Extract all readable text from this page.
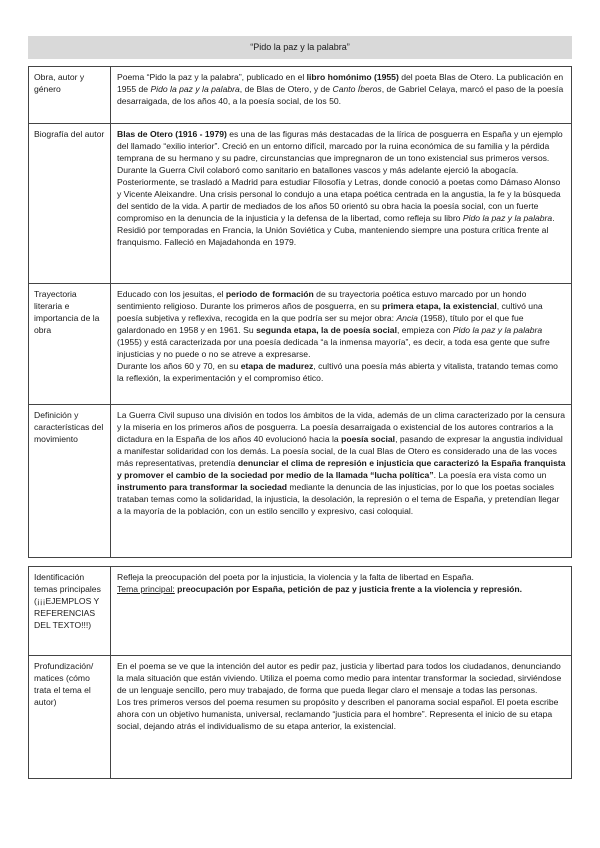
“Pido la paz y la palabra”
Obra, autor y género	Poema “Pido la paz y la palabra”, publicado en el libro homónimo (1955) del poeta Blas de Otero. La publicación en 1955 de Pido la paz y la palabra, de Blas de Otero, y de Canto Íberos, de Gabriel Celaya, marcó el paso de la poesía desarraigada, de los años 40, a la poesía social, de los 50.

Biografía del autor	Blas de Otero (1916 - 1979) es una de las figuras más destacadas de la lírica de posguerra en España y un ejemplo del llamado “exilio interior”. Creció en un entorno difícil, marcado por la ruina económica de su familia y la pérdida temprana de su hermano y su padre, circunstancias que impregnaron de un tono existencial sus primeros versos. Durante la Guerra Civil colaboró como sanitario en batallones vascos y más adelante ejerció la abogacía. Posteriormente, se trasladó a Madrid para estudiar Filosofía y Letras, donde conoció a poetas como Dámaso Alonso y Vicente Aleixandre. Una crisis personal lo condujo a una etapa poética centrada en la angustia, la fe y la búsqueda del sentido de la vida. A partir de mediados de los años 50 orientó su obra hacia la poesía social, con un fuerte compromiso en la denuncia de la injusticia y la defensa de la libertad, como refleja su libro Pido la paz y la palabra. Residió por temporadas en Francia, la Unión Soviética y Cuba, manteniendo siempre una postura crítica frente al franquismo. Falleció en Majadahonda en 1979.

Trayectoria literaria e importancia de la obra	Educado con los jesuitas, el periodo de formación de su trayectoria poética estuvo marcado por un hondo sentimiento religioso. Durante los primeros años de posguerra, en su primera etapa, la existencial, cultivó una poesía subjetiva y reflexiva, recogida en la que podría ser su mejor obra: Ancia (1958), título por el que fue galardonado en 1958 y en 1961. Su segunda etapa, la de poesía social, empieza con Pido la paz y la palabra (1955) y está caracterizada por una poesía dedicada “a la inmensa mayoría”, es decir, a toda esa gente que sufre injusticias y no puede o no se atreve a expresarse.

Durante los años 60 y 70, en su etapa de madurez, cultivó una poesía más abierta y vitalista, tratando temas como la reflexión, la experimentación y el compromiso ético.

Definición y características del movimiento	La Guerra Civil supuso una división en todos los ámbitos de la vida, además de un clima caracterizado por la censura y la miseria en los primeros años de posguerra. La poesía desarraigada o existencial de los autores contrarios a la dictadura en la España de los años 40 evolucionó hacia la poesía social, pasando de expresar la angustia individual a manifestar solidaridad con los demás. La poesía social, de la cual Blas de Otero es considerado una de las voces más representativas, pretendía denunciar el clima de represión e injusticia que caracterizó la España franquista y promover el cambio de la sociedad por medio de la llamada “lucha política”. La poesía era vista como un instrumento para transformar la sociedad mediante la denuncia de las injusticias, por lo que los poetas sociales trataban temas como la solidaridad, la injusticia, la desolación, la represión o el tema de España, y pretendían llegar a la mayoría de la población, con un estilo sencillo y expresivo, casi coloquial.

Identificación temas principales (¡¡¡EJEMPLOS Y REFERENCIAS DEL TEXTO!!!)	Refleja la preocupación del poeta por la injusticia, la violencia y la falta de libertad en España.

Tema principal: preocupación por España, petición de paz y justicia frente a la violencia y represión.

Profundización/ matices (cómo trata el tema el autor)	En el poema se ve que la intención del autor es pedir paz, justicia y libertad para todos los ciudadanos, denunciando la mala situación que están viviendo. Utiliza el poema como medio para intentar transformar la sociedad, sirviéndose de un lenguaje sencillo, pero muy trabajado, de forma que pueda llegar claro el mensaje a todas las personas.

Los tres primeros versos del poema resumen su propósito y describen el panorama social español. El poeta escribe ahora con un objetivo humanista, universal, reclamando “justicia para el hombre”. Representa el inicio de su etapa social, dejando atrás el individualismo de su etapa anterior, la existencial.
